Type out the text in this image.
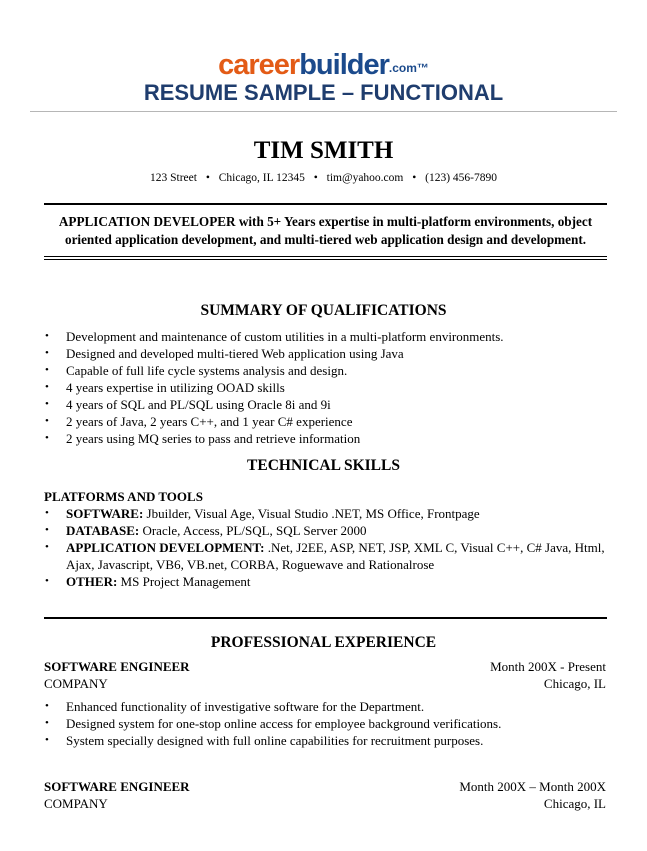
careerbuilder.com™
RESUME SAMPLE – FUNCTIONAL
TIM SMITH
123 Street • Chicago, IL 12345 • tim@yahoo.com • (123) 456-7890
APPLICATION DEVELOPER with 5+ Years expertise in multi-platform environments, object
oriented application development, and multi-tiered web application design and development.
SUMMARY OF QUALIFICATIONS
• Development and maintenance of custom utilities in a multi-platform environments.
• Designed and developed multi-tiered Web application using Java
• Capable of full life cycle systems analysis and design.
• 4 years expertise in utilizing OOAD skills
• 4 years of SQL and PL/SQL using Oracle 8i and 9i
• 2 years of Java, 2 years C++, and 1 year C# experience
• 2 years using MQ series to pass and retrieve information
TECHNICAL SKILLS
PLATFORMS AND TOOLS
• SOFTWARE: Jbuilder, Visual Age, Visual Studio .NET, MS Office, Frontpage
• DATABASE: Oracle, Access, PL/SQL, SQL Server 2000
• APPLICATION DEVELOPMENT: .Net, J2EE, ASP, NET, JSP, XML C, Visual C++, C# Java, Html, Ajax, Javascript, VB6, VB.net, CORBA, Roguewave and Rationalrose
• OTHER: MS Project Management
PROFESSIONAL EXPERIENCE
SOFTWARE ENGINEER	Month 200X - Present
COMPANY	Chicago, IL
• Enhanced functionality of investigative software for the Department.
• Designed system for one-stop online access for employee background verifications.
• System specially designed with full online capabilities for recruitment purposes.
SOFTWARE ENGINEER	Month 200X – Month 200X
COMPANY	Chicago, IL
